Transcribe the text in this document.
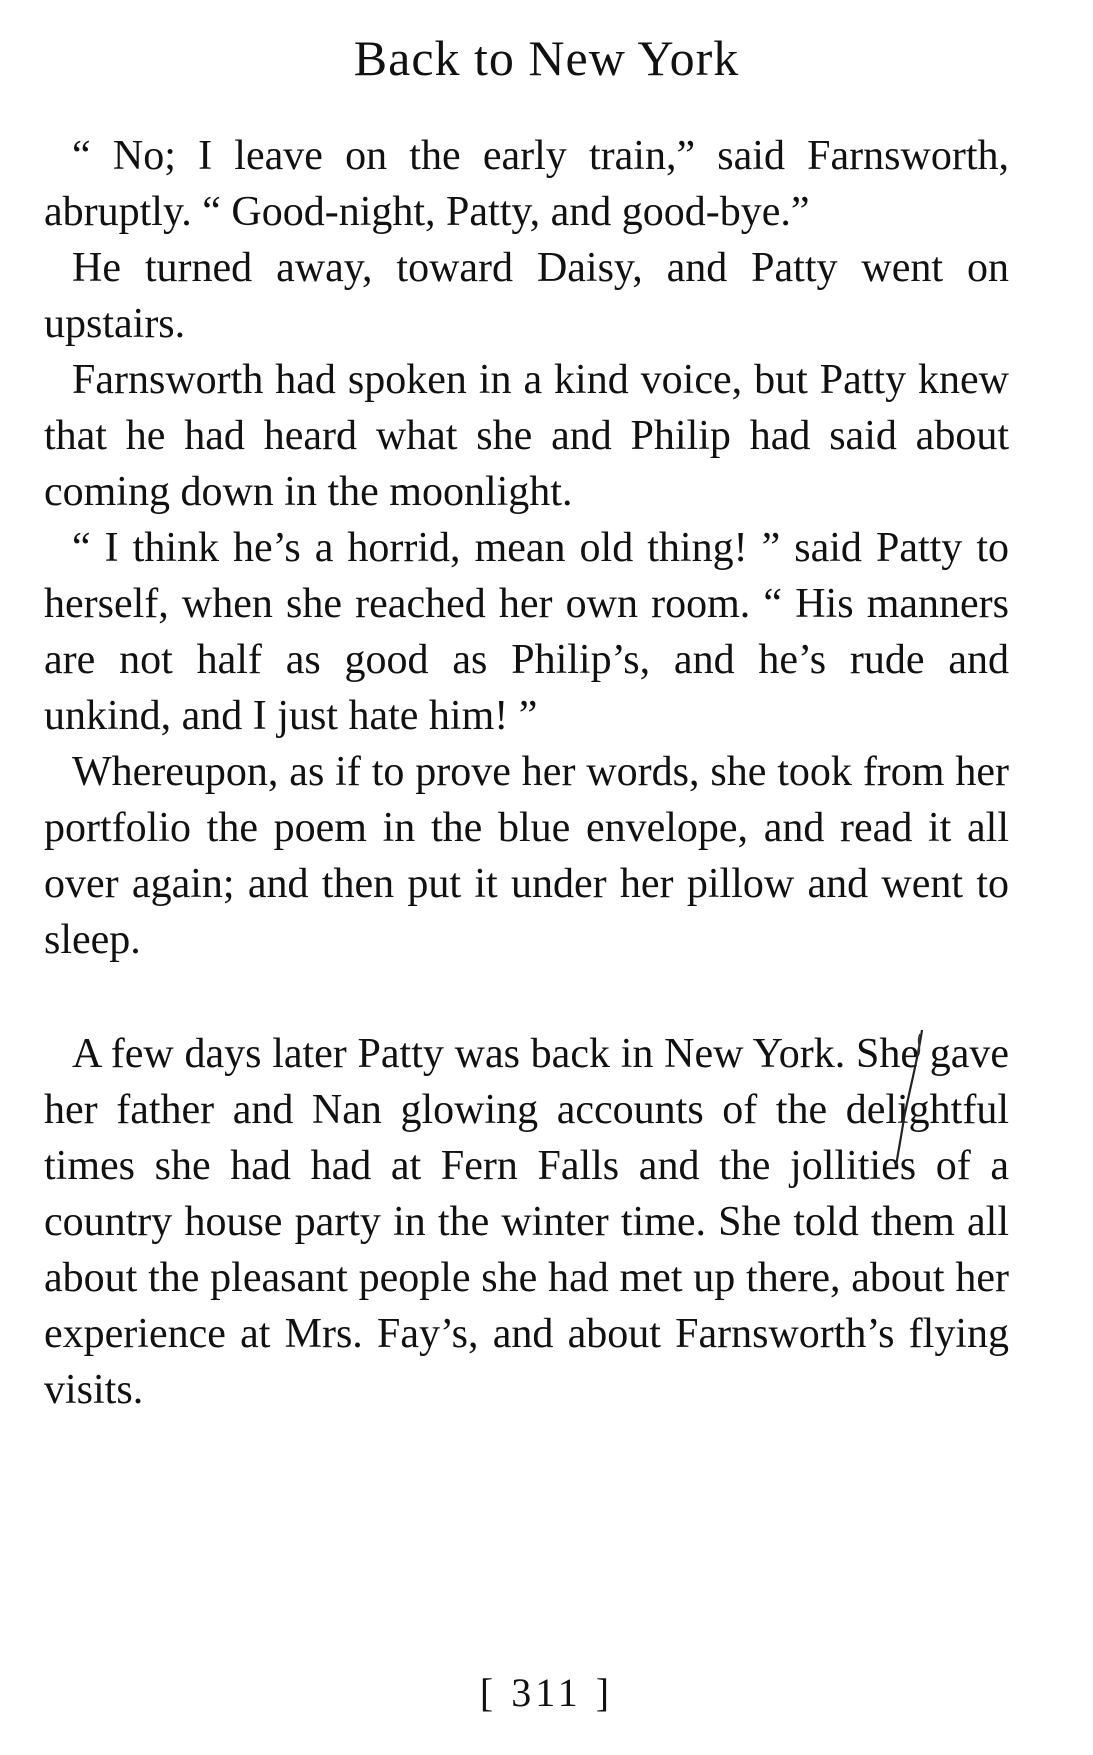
Back to New York

“ No; I leave on the early train,” said Farnsworth, abruptly. “ Good-night, Patty, and good-bye.”

He turned away, toward Daisy, and Patty went on upstairs.

Farnsworth had spoken in a kind voice, but Patty knew that he had heard what she and Philip had said about coming down in the moonlight.

“ I think he’s a horrid, mean old thing! ” said Patty to herself, when she reached her own room. “ His manners are not half as good as Philip’s, and he’s rude and unkind, and I just hate him! ”

Whereupon, as if to prove her words, she took from her portfolio the poem in the blue envelope, and read it all over again; and then put it under her pillow and went to sleep.

A few days later Patty was back in New York. She gave her father and Nan glowing accounts of the delightful times she had had at Fern Falls and the jollities of a country house party in the winter time. She told them all about the pleasant people she had met up there, about her experience at Mrs. Fay’s, and about Farnsworth’s flying visits.

[ 311 ]
